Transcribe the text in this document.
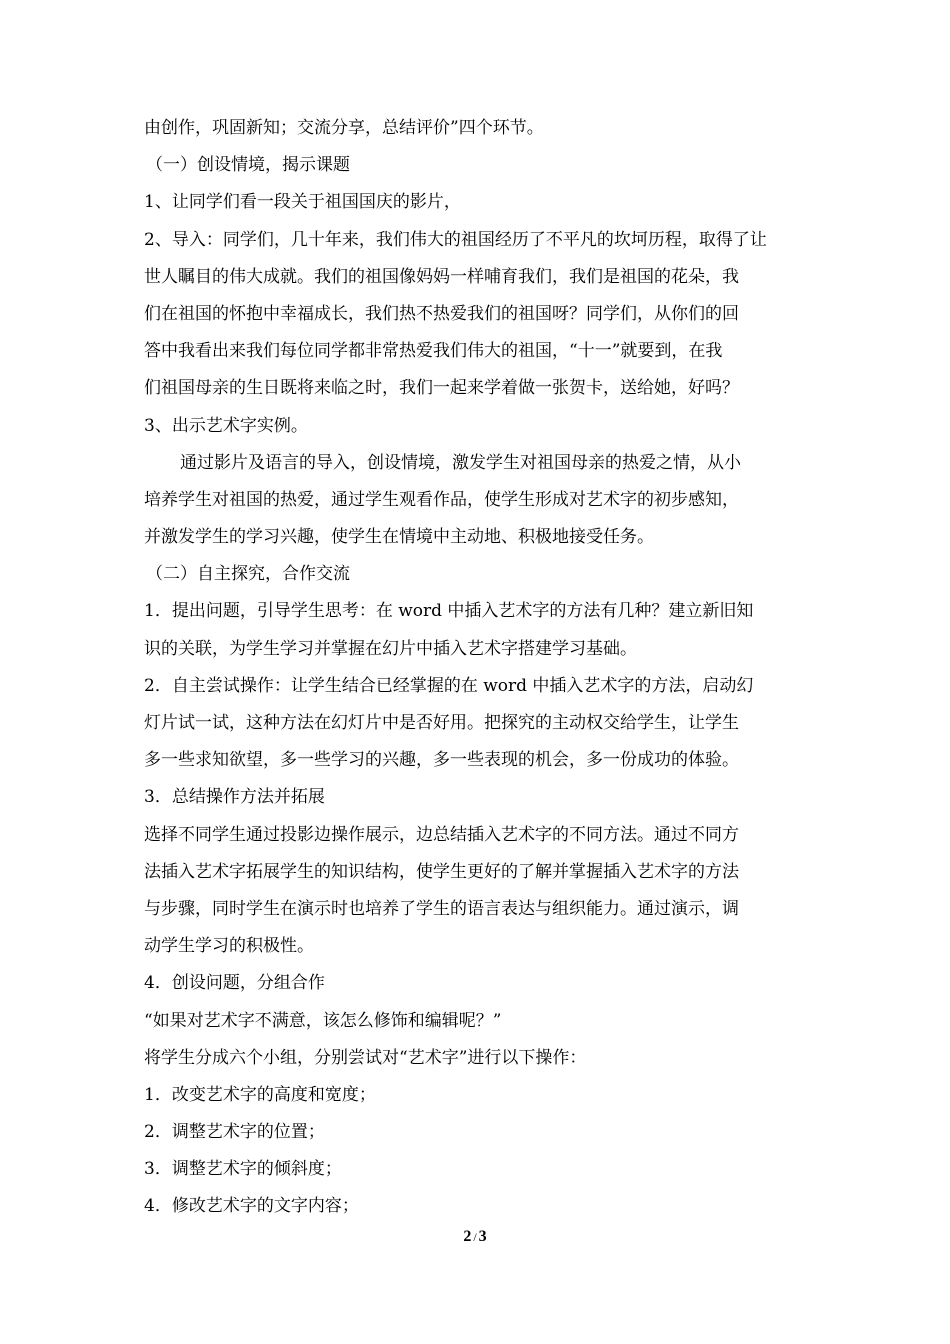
由创作，巩固新知；交流分享，总结评价”四个环节。
（一）创设情境，揭示课题
1、让同学们看一段关于祖国国庆的影片，
2、导入：同学们，几十年来，我们伟大的祖国经历了不平凡的坎坷历程，取得了让
世人瞩目的伟大成就。我们的祖国像妈妈一样哺育我们，我们是祖国的花朵，我
们在祖国的怀抱中幸福成长，我们热不热爱我们的祖国呀？同学们，从你们的回
答中我看出来我们每位同学都非常热爱我们伟大的祖国，“十一”就要到，在我
们祖国母亲的生日既将来临之时，我们一起来学着做一张贺卡，送给她，好吗？
3、出示艺术字实例。
通过影片及语言的导入，创设情境，激发学生对祖国母亲的热爱之情，从小
培养学生对祖国的热爱，通过学生观看作品，使学生形成对艺术字的初步感知，
并激发学生的学习兴趣，使学生在情境中主动地、积极地接受任务。
（二）自主探究，合作交流
1．提出问题，引导学生思考：在 word 中插入艺术字的方法有几种？建立新旧知
识的关联，为学生学习并掌握在幻片中插入艺术字搭建学习基础。
2．自主尝试操作：让学生结合已经掌握的在 word 中插入艺术字的方法，启动幻
灯片试一试，这种方法在幻灯片中是否好用。把探究的主动权交给学生，让学生
多一些求知欲望，多一些学习的兴趣，多一些表现的机会，多一份成功的体验。
3．总结操作方法并拓展
选择不同学生通过投影边操作展示，边总结插入艺术字的不同方法。通过不同方
法插入艺术字拓展学生的知识结构，使学生更好的了解并掌握插入艺术字的方法
与步骤，同时学生在演示时也培养了学生的语言表达与组织能力。通过演示，调
动学生学习的积极性。
4．创设问题，分组合作
“如果对艺术字不满意，该怎么修饰和编辑呢？”
将学生分成六个小组，分别尝试对“艺术字”进行以下操作：
1．改变艺术字的高度和宽度；
2．调整艺术字的位置；
3．调整艺术字的倾斜度；
4．修改艺术字的文字内容；
2 / 3
